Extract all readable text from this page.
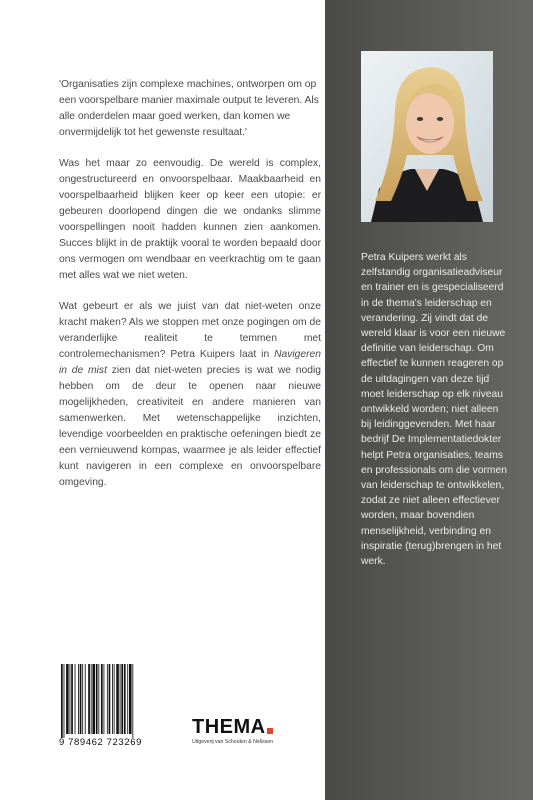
'Organisaties zijn complexe machines, ontworpen om op een voorspelbare manier maximale output te leveren. Als alle onderdelen maar goed werken, dan komen we onvermijdelijk tot het gewenste resultaat.'

Was het maar zo eenvoudig. De wereld is complex, ongestructureerd en onvoorspelbaar. Maakbaarheid en voorspelbaarheid blijken keer op keer een utopie: er gebeuren doorlopend dingen die we ondanks slimme voorspellingen nooit hadden kunnen zien aankomen. Succes blijkt in de praktijk vooral te worden bepaald door ons vermogen om wendbaar en veerkrachtig om te gaan met alles wat we niet weten.

Wat gebeurt er als we juist van dat niet-weten onze kracht maken? Als we stoppen met onze pogingen om de veranderlijke realiteit te temmen met controlemechanismen? Petra Kuipers laat in Navigeren in de mist zien dat niet-weten precies is wat we nodig hebben om de deur te openen naar nieuwe mogelijkheden, creativiteit en andere manieren van samenwerken. Met wetenschappelijke inzichten, levendige voorbeelden en praktische oefeningen biedt ze een vernieuwend kompas, waarmee je als leider effectief kunt navigeren in een complexe en onvoorspelbare omgeving.

9 789462 723269
THEMA
Uitgeverij van Schouten & Nelissen
Petra Kuipers werkt als zelfstandig organisatieadviseur en trainer en is gespecialiseerd in de thema's leiderschap en verandering. Zij vindt dat de wereld klaar is voor een nieuwe definitie van leiderschap. Om effectief te kunnen reageren op de uitdagingen van deze tijd moet leiderschap op elk niveau ontwikkeld worden; niet alleen bij leidinggevenden. Met haar bedrijf De Implementatiedokter helpt Petra organisaties, teams en professionals om die vormen van leiderschap te ontwikkelen, zodat ze niet alleen effectiever worden, maar bovendien menselijkheid, verbinding en inspiratie (terug)brengen in het werk.
